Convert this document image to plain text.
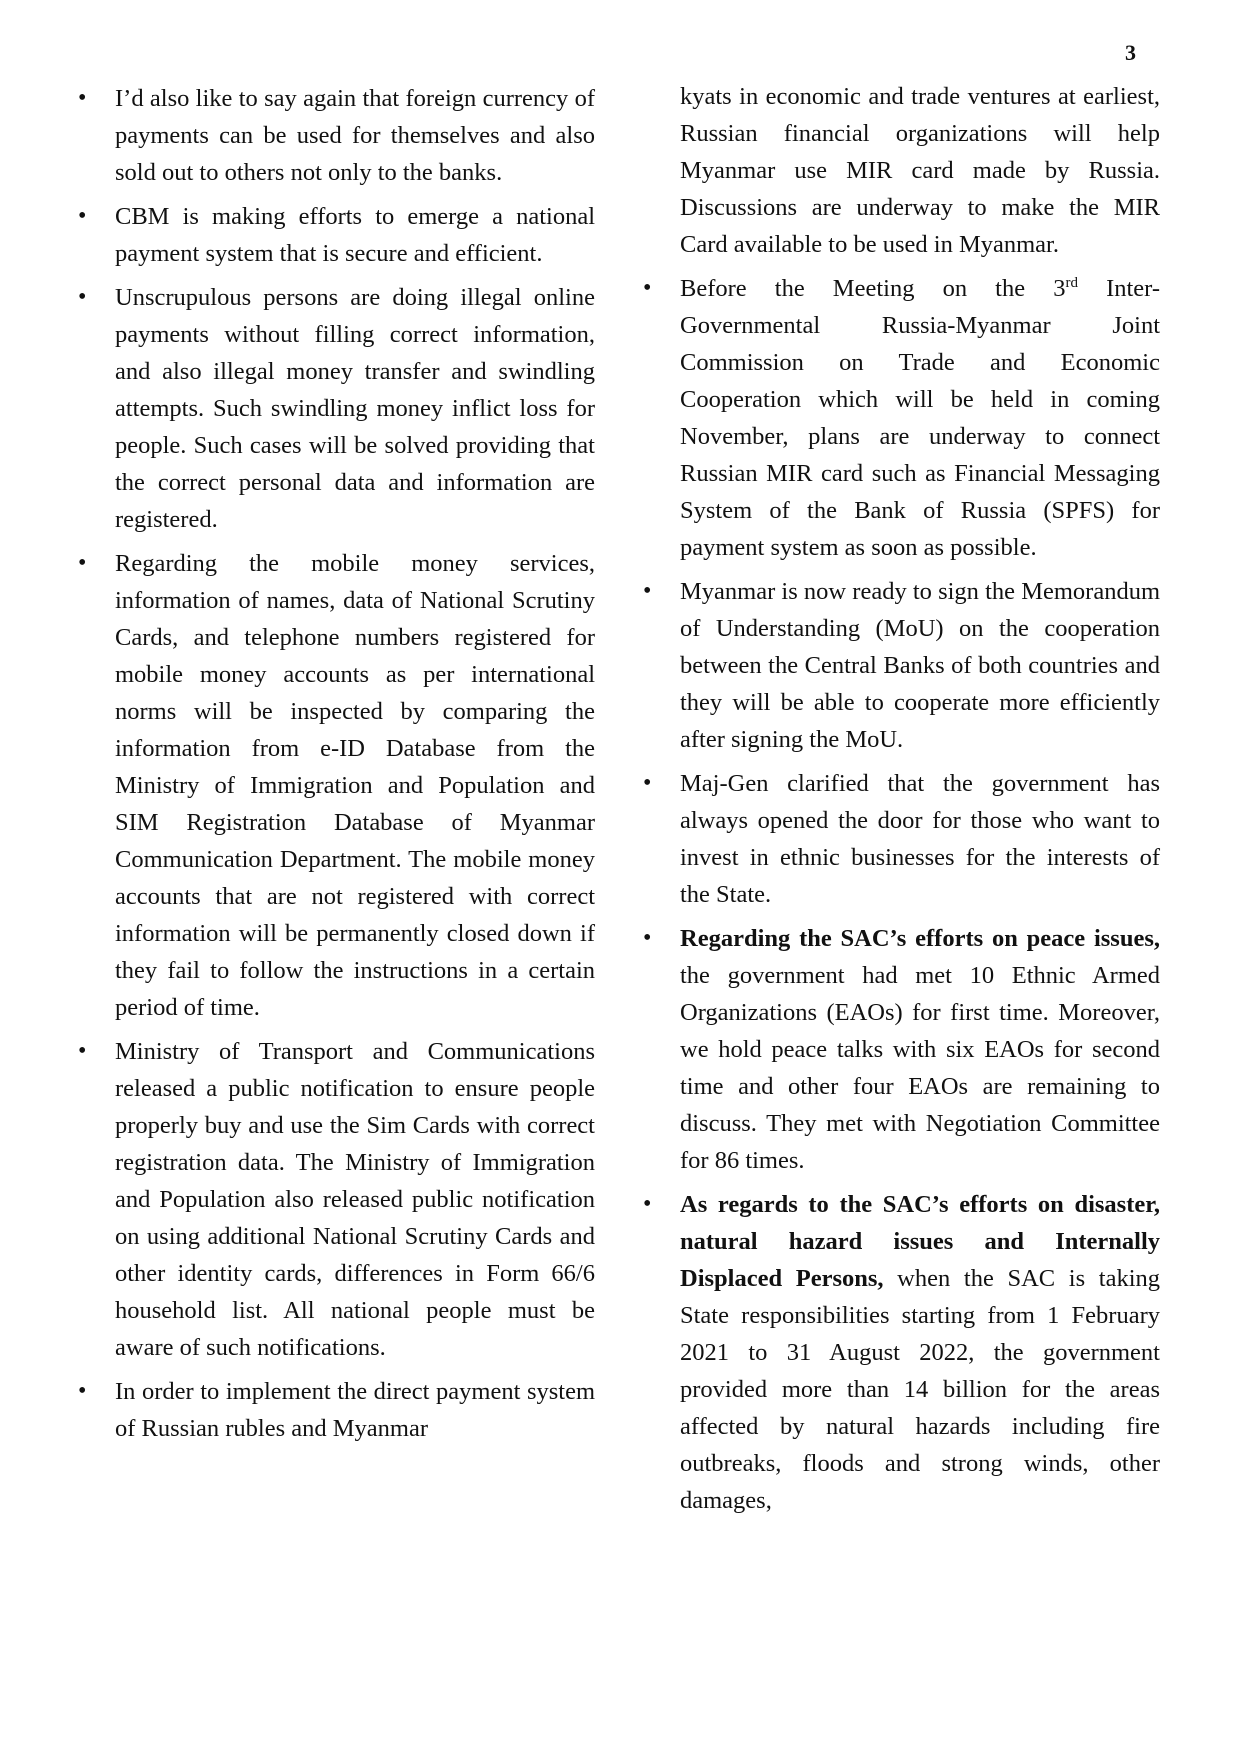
3
• I’d also like to say again that foreign currency of payments can be used for themselves and also sold out to others not only to the banks.
• CBM is making efforts to emerge a national payment system that is secure and efficient.
• Unscrupulous persons are doing illegal online payments without filling correct information, and also illegal money transfer and swindling attempts. Such swindling money inflict loss for people. Such cases will be solved providing that the correct personal data and information are registered.
• Regarding the mobile money services, information of names, data of National Scrutiny Cards, and telephone numbers registered for mobile money accounts as per international norms will be inspected by comparing the information from e-ID Database from the Ministry of Immigration and Population and SIM Registration Database of Myanmar Communication Department. The mobile money accounts that are not registered with correct information will be permanently closed down if they fail to follow the instructions in a certain period of time.
• Ministry of Transport and Communications released a public notification to ensure people properly buy and use the Sim Cards with correct registration data. The Ministry of Immigration and Population also released public notification on using additional National Scrutiny Cards and other identity cards, differences in Form 66/6 household list. All national people must be aware of such notifications.
• In order to implement the direct payment system of Russian rubles and Myanmar
kyats in economic and trade ventures at earliest, Russian financial organizations will help Myanmar use MIR card made by Russia. Discussions are underway to make the MIR Card available to be used in Myanmar.
• Before the Meeting on the 3rd Inter-Governmental Russia-Myanmar Joint Commission on Trade and Economic Cooperation which will be held in coming November, plans are underway to connect Russian MIR card such as Financial Messaging System of the Bank of Russia (SPFS) for payment system as soon as possible.
• Myanmar is now ready to sign the Memorandum of Understanding (MoU) on the cooperation between the Central Banks of both countries and they will be able to cooperate more efficiently after signing the MoU.
• Maj-Gen clarified that the government has always opened the door for those who want to invest in ethnic businesses for the interests of the State.
• Regarding the SAC’s efforts on peace issues, the government had met 10 Ethnic Armed Organizations (EAOs) for first time. Moreover, we hold peace talks with six EAOs for second time and other four EAOs are remaining to discuss. They met with Negotiation Committee for 86 times.
• As regards to the SAC’s efforts on disaster, natural hazard issues and Internally Displaced Persons, when the SAC is taking State responsibilities starting from 1 February 2021 to 31 August 2022, the government provided more than 14 billion for the areas affected by natural hazards including fire outbreaks, floods and strong winds, other damages,
